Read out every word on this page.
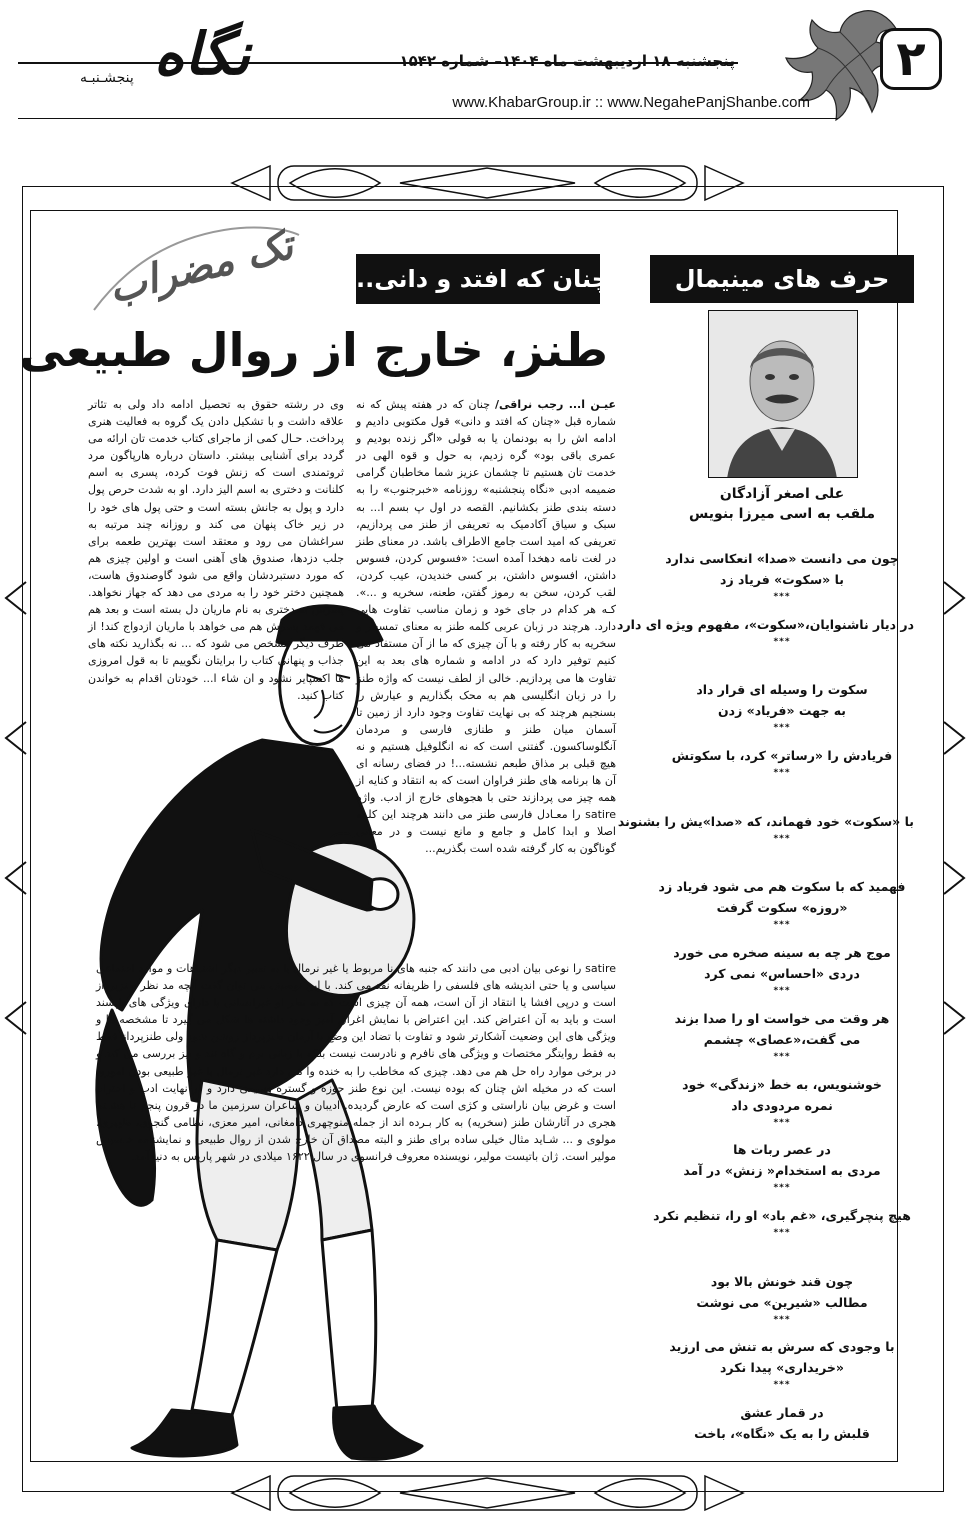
۲
پنجشنبه ۱۸ اردیبهشت ماه ۱۴۰۴– شماره ۱۵۴۲
www.KhabarGroup.ir :: www.NegahePanjShanbe.com
نگاه
پنجشـنبـه
حرف های مینیمال
علی اصغر آزادگان
ملقب به اسی میرزا بنویس
چون می دانست «صدا» انعکاسی ندارد
با «سکوت» فریاد زد
***
در دیار ناشنوایان،«سکوت»، مفهوم ویژه ای دارد
***
سکوت را وسیله ای قرار داد
به جهت «فریاد» زدن
***
فریادش را «رساتر» کرد، با سکوتش
***
با «سکوت» خود فهماند، که «صدا»یش را بشنوند
***
فهمید که با سکوت هم می شود فریاد زد
«روزه» سکوت گرفت
***
موج هر چه به سینه صخره می خورد
دردی «احساس» نمی کرد
***
هر وقت می خواست او را صدا بزند
می گفت،«عصای» چشمم
***
خوشنویس، به خط «زندگی» خود
نمره مردودی داد
***
در عصر ربات ها
مردی به استخدام« زنش» در آمد
***
هیچ پنچرگیری، «غم باد» او را، تنظیم نکرد
***
چون قند خونش بالا بود
مطالب «شیرین» می نوشت
***
با وجودی که سرش به تنش می ارزید
«خریداری» پیدا نکرد
***
در قمار عشق
قلبش را به یک «نگاه»، باخت
تک مضراب چنان که افتد و دانی...
طنز، خارج از روال طبیعی

عیـن ا... رجب نراقی/ چنان که در هفته پیش که نه شماره قبل «چنان که افتد و دانی» قول مکتوبی دادیم و ادامه اش را به بودنمان یا به قولی «اگر زنده بودیم و عمری باقی بود» گره زدیم، به حول و قوه الهی در خدمت تان هستیم تا چشمان عزیز شما مخاطبان گرامی ضمیمه ادبی «نگاه پنجشنبه» روزنامه «خبرجنوب» را به دسته بندی طنز بکشانیم. القصه در اول پ بسم ا... به سبک و سیاق آکادمیک به تعریفی از طنز می پردازیم، تعریفی که امید است جامع الاطراف باشد. در معنای طنز در لغت نامه دهخدا آمده است: «فسوس کردن، فسوس داشتن، افسوس داشتن، بر کسی خندیدن، عیب کردن، لقب کردن، سخن به رموز گفتن، طعنه، سخریه و ...». کـه هر کدام در جای خود و زمان مناسب تفاوت هایی دارد. هرچند در زبان عربی کلمه طنز به معنای تمسخر و سخریه به کار رفته و با آن چیزی که ما از آن مستفاد می کنیم توفیر دارد که در ادامه و شماره های بعد به این تفاوت ها می پردازیم. خالی از لطف نیست که واژه طنز را در زبان انگلیسی هم به محک بگذاریم و عیارش را بسنجیم هرچند که بی نهایت تفاوت وجود دارد از زمین تا آسمان میان طنز و طنازی فارسی و مردمان آنگلوساکسون. گفتنی است که نه انگلوفیل هستیم و نه هیچ قبلی بر مذاق طبعم نشسته...! در فضای رسانه ای آن ها برنامه های طنز فراوان است که به انتقاد و کنایه از همه چیز می پردازند حتی با هجوهای خارج از ادب. واژه satire را معـادل فارسی طنز می دانند هرچند این کلمه اصلا و ابدا کامل و جامع و مانع نیست و در معانی گوناگون به کار گرفته شده است بگذریم...

وی در رشته حقوق به تحصیل ادامه داد ولی به تئاتر علاقه داشت و با تشکیل دادن یک گروه به فعالیت هنری پرداخت. حـال کمی از ماجرای کتاب خدمت تان ارائه می گردد برای آشنایی بیشتر. داستان درباره هارپاگون مرد ثروتمندی است که زنش فوت کرده، پسری به اسم کلنانت و دختری به اسم الیز دارد. او به شدت حرص پول دارد و پول به جانش بسته است و حتی پول های خود را در زیر خاک پنهان می کند و روزانه چند مرتبه به سراغشان می رود و معتقد است بهترین طعمه برای جلب دزدها، صندوق های آهنی است و اولین چیزی هم که مورد دستبردشان واقع می شود گاوصندوق هاست، همچنین دختر خود را به مردی می دهد که جهاز نخواهد. پسرش به دختری به نام ماریان دل بسته است و بعد هم می فهمد پسرش هم می خواهد با ماریان ازدواج کند! از طرف دیگر مشخص می شود که ... نه بگذارید نکته های جذاب و پنهانی کتاب را برایتان نگوییم تا به قول امروزی ها اکسپایر نشود و ان شاء ا... خودتان اقدام به خواندن کتاب کنید.

satire را نوعی بیان ادبی می دانند که جنبه های نا مربوط یا غیر نرمال یا به تعبیر دیگر اشتباهات و موارد اجتماعی سیاسی و یا حتی اندیشه های فلسفی را ظریفانه نقد می کند. با این توصیف می توان گفت آنچه مد نظر طنزپرداز است و درپی افشا یا انتقاد از آن است، همه آن چیزی است که به نظر او غیرانسانی یا دارای ویژگی های ناپسند است و باید به آن اعتراض کند. این اعتراض با نمایش اغراق آمیز وجود داشته ها شکل می گیرد تا مشخصه ها و ویژگی های این وضعیت آشکارتر شود و تفاوت با تضاد این وضع با آرمان طنزپرداز روشن شود ولی طنزپرداز فقط به فقط روایتگر مختصات و ویژگی های نافرم و نادرست نیست بلکه با زبانی نرم و گاه تند و تیز بررسی می کند و در برخی موارد راه حل هم می دهد. چیزی که مخاطب را به خنده وا می دارد غیر نرمال یا غیر طبیعی بودن اموری است که در مخیله اش چنان که بوده نیست. این نوع طنز حوزه و گستره وسیعی دارد و در نهایت ادب و احترام است و غرض بیان ناراستی و کژی است که عارض گردیده. ادیبان و شاعران سرزمین ما در قرون پنجم تا هشـتم هجری در آثارشان طنز (سخریه) به کار بـرده اند از جمله منوچهری دامغانی، امیر معزی، نظامی گنجوی، ظهیری، مولوی و ... شـاید مثال خیلی ساده برای طنز و البته مصداق آن خارج شدن از روال طبیعی و نمایشنامه خـسیس مولیر است. ژان باتیست مولیر، نویسنده معروف فرانسوی در سال ۱۶۲۲ میلادی در شهر پاریس به دنیا آمد.
